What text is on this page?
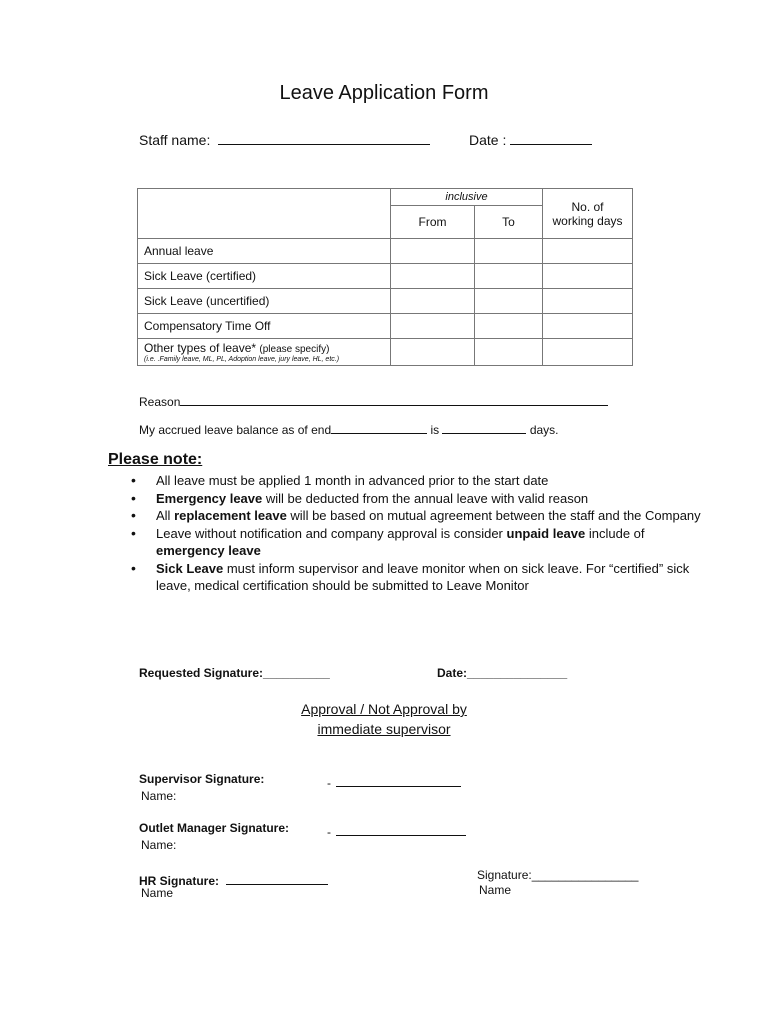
Leave Application Form
Staff name:	Date :
	inclusive		No. of
working days
	From	To	
Annual leave			
Sick Leave (certified)			
Sick Leave (uncertified)			
Compensatory Time Off			
Other types of leave* (please specify)
(i.e. .Family leave, ML, PL, Adoption leave, jury leave, HL, etc.)			

Reason
My accrued leave balance as of end	is	days.
Please note:
• All leave must be applied 1 month in advanced prior to the start date
• Emergency leave will be deducted from the annual leave with valid reason
• All replacement leave will be based on mutual agreement between the staff and the Company
• Leave without notification and company approval is consider unpaid leave include of emergency leave
• Sick Leave must inform supervisor and leave monitor when on sick leave. For “certified” sick leave, medical certification should be submitted to Leave Monitor
Requested Signature:__________	Date:_______________
Approval / Not Approval by
immediate supervisor
Supervisor Signature:	-
Name:
Outlet Manager Signature:	-
Name:
HR Signature:
Name
Signature:________________
Name
